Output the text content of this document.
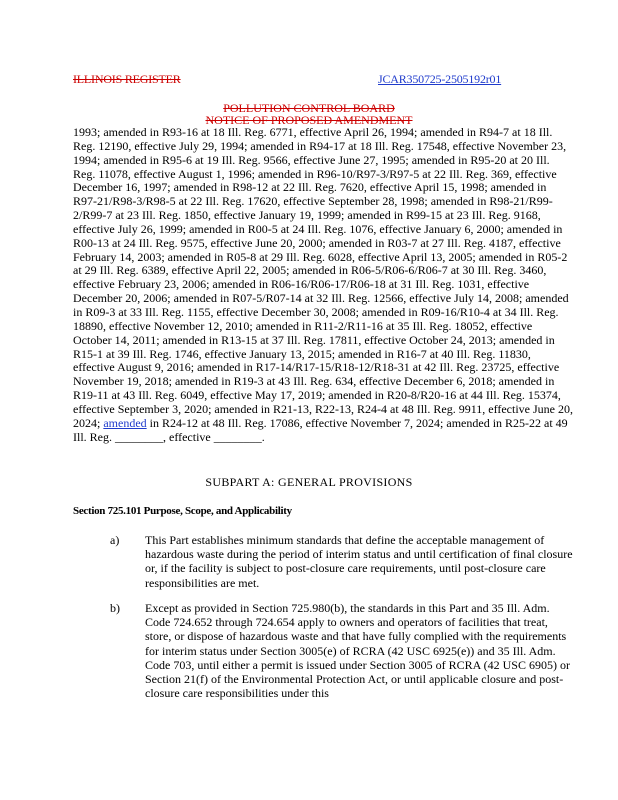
ILLINOIS REGISTER	JCAR350725-2505192r01
POLLUTION CONTROL BOARD
NOTICE OF PROPOSED AMENDMENT
1993; amended in R93-16 at 18 Ill. Reg. 6771, effective April 26, 1994; amended in R94-7 at 18 Ill. Reg. 12190, effective July 29, 1994; amended in R94-17 at 18 Ill. Reg. 17548, effective November 23, 1994; amended in R95-6 at 19 Ill. Reg. 9566, effective June 27, 1995; amended in R95-20 at 20 Ill. Reg. 11078, effective August 1, 1996; amended in R96-10/R97-3/R97-5 at 22 Ill. Reg. 369, effective December 16, 1997; amended in R98-12 at 22 Ill. Reg. 7620, effective April 15, 1998; amended in R97-21/R98-3/R98-5 at 22 Ill. Reg. 17620, effective September 28, 1998; amended in R98-21/R99-2/R99-7 at 23 Ill. Reg. 1850, effective January 19, 1999; amended in R99-15 at 23 Ill. Reg. 9168, effective July 26, 1999; amended in R00-5 at 24 Ill. Reg. 1076, effective January 6, 2000; amended in R00-13 at 24 Ill. Reg. 9575, effective June 20, 2000; amended in R03-7 at 27 Ill. Reg. 4187, effective February 14, 2003; amended in R05-8 at 29 Ill. Reg. 6028, effective April 13, 2005; amended in R05-2 at 29 Ill. Reg. 6389, effective April 22, 2005; amended in R06-5/R06-6/R06-7 at 30 Ill. Reg. 3460, effective February 23, 2006; amended in R06-16/R06-17/R06-18 at 31 Ill. Reg. 1031, effective December 20, 2006; amended in R07-5/R07-14 at 32 Ill. Reg. 12566, effective July 14, 2008; amended in R09-3 at 33 Ill. Reg. 1155, effective December 30, 2008; amended in R09-16/R10-4 at 34 Ill. Reg. 18890, effective November 12, 2010; amended in R11-2/R11-16 at 35 Ill. Reg. 18052, effective October 14, 2011; amended in R13-15 at 37 Ill. Reg. 17811, effective October 24, 2013; amended in R15-1 at 39 Ill. Reg. 1746, effective January 13, 2015; amended in R16-7 at 40 Ill. Reg. 11830, effective August 9, 2016; amended in R17-14/R17-15/R18-12/R18-31 at 42 Ill. Reg. 23725, effective November 19, 2018; amended in R19-3 at 43 Ill. Reg. 634, effective December 6, 2018; amended in R19-11 at 43 Ill. Reg. 6049, effective May 17, 2019; amended in R20-8/R20-16 at 44 Ill. Reg. 15374, effective September 3, 2020; amended in R21-13, R22-13, R24-4 at 48 Ill. Reg. 9911, effective June 20, 2024; amended in R24-12 at 48 Ill. Reg. 17086, effective November 7, 2024; amended in R25-22 at 49 Ill. Reg. ________, effective ________.
SUBPART A: GENERAL PROVISIONS
Section 725.101 Purpose, Scope, and Applicability
a) This Part establishes minimum standards that define the acceptable management of hazardous waste during the period of interim status and until certification of final closure or, if the facility is subject to post-closure care requirements, until post-closure care responsibilities are met.
b) Except as provided in Section 725.980(b), the standards in this Part and 35 Ill. Adm. Code 724.652 through 724.654 apply to owners and operators of facilities that treat, store, or dispose of hazardous waste and that have fully complied with the requirements for interim status under Section 3005(e) of RCRA (42 USC 6925(e)) and 35 Ill. Adm. Code 703, until either a permit is issued under Section 3005 of RCRA (42 USC 6905) or Section 21(f) of the Environmental Protection Act, or until applicable closure and post-closure care responsibilities under this
